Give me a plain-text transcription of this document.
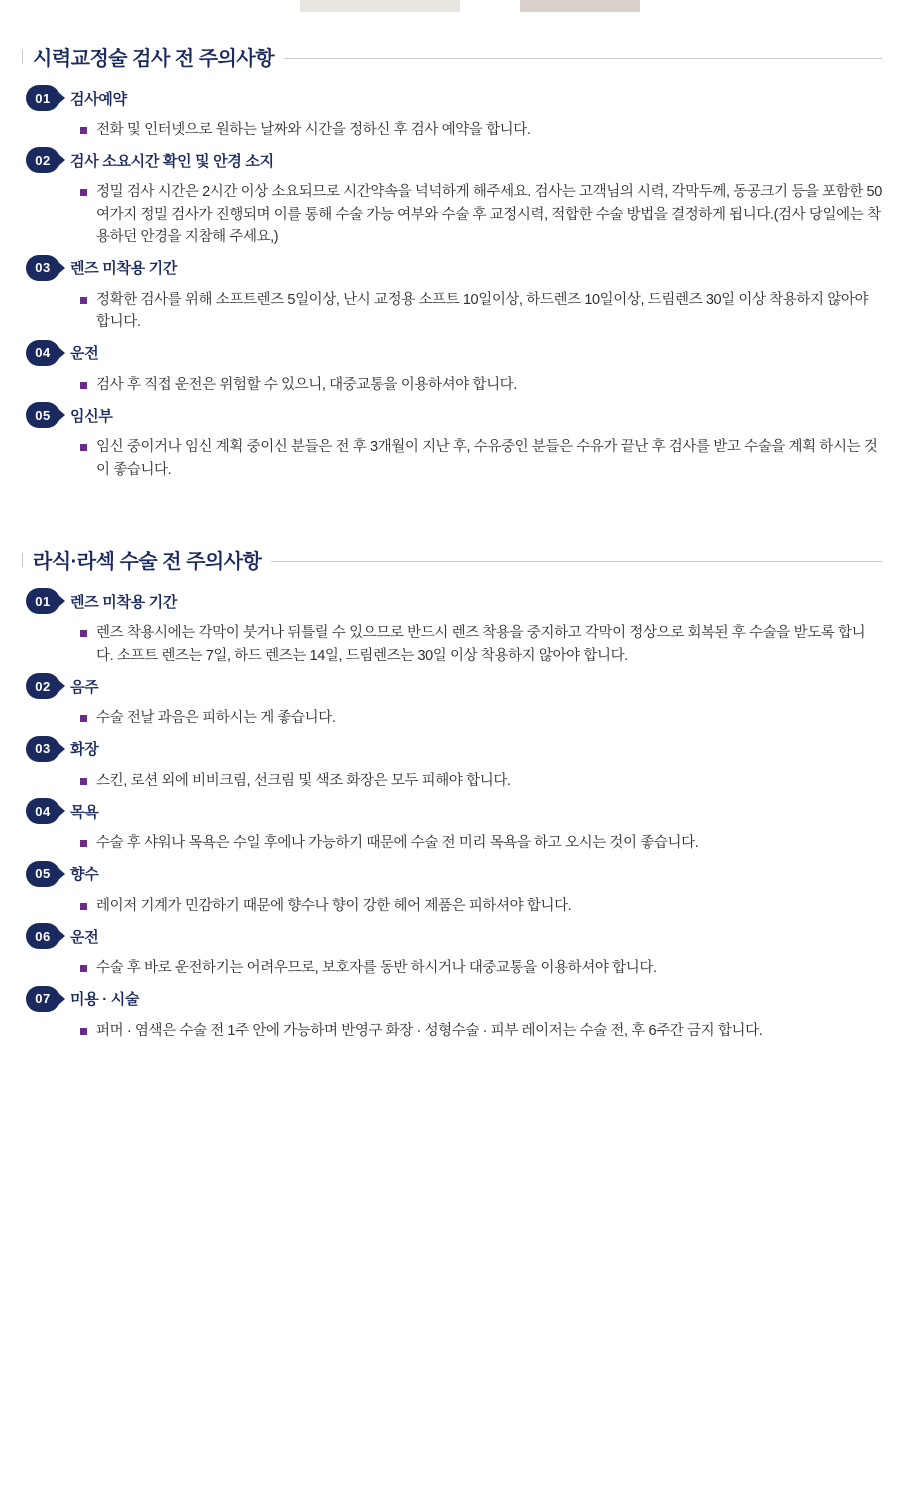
시력교정술 검사 전 주의사항
01	검사예약
전화 및 인터넷으로 원하는 날짜와 시간을 정하신 후 검사 예약을 합니다.
02	검사 소요시간 확인 및 안경 소지
정밀 검사 시간은 2시간 이상 소요되므로 시간약속을 넉넉하게 해주세요. 검사는 고객님의 시력, 각막두께, 동공크기 등을 포함한 50여가지 정밀 검사가 진행되며 이를 통해 수술 가능 여부와 수술 후 교정시력, 적합한 수술 방법을 결정하게 됩니다.(검사 당일에는 착용하던 안경을 지참해 주세요,)
03	렌즈 미착용 기간
정확한 검사를 위해 소프트렌즈 5일이상, 난시 교정용 소프트 10일이상, 하드렌즈 10일이상, 드림렌즈 30일 이상 착용하지 않아야 합니다.
04	운전
검사 후 직접 운전은 위험할 수 있으니, 대중교통을 이용하셔야 합니다.
05	임신부
임신 중이거나 임신 계획 중이신 분들은 전 후 3개월이 지난 후, 수유중인 분들은 수유가 끝난 후 검사를 받고 수술을 계획 하시는 것이 좋습니다.
라식·라섹 수술 전 주의사항
01	렌즈 미착용 기간
렌즈 착용시에는 각막이 붓거나 뒤틀릴 수 있으므로 반드시 렌즈 착용을 중지하고 각막이 정상으로 회복된 후 수술을 받도록 합니다. 소프트 렌즈는 7일, 하드 렌즈는 14일, 드림렌즈는 30일 이상 착용하지 않아야 합니다.
02	음주
수술 전날 과음은 피하시는 게 좋습니다.
03	화장
스킨, 로션 외에 비비크림, 선크림 및 색조 화장은 모두 피해야 합니다.
04	목욕
수술 후 샤워나 목욕은 수일 후에나 가능하기 때문에 수술 전 미리 목욕을 하고 오시는 것이 좋습니다.
05	향수
레이저 기계가 민감하기 때문에 향수나 향이 강한 헤어 제품은 피하셔야 합니다.
06	운전
수술 후 바로 운전하기는 어려우므로, 보호자를 동반 하시거나 대중교통을 이용하셔야 합니다.
07	미용 · 시술
퍼머 · 염색은 수술 전 1주 안에 가능하며 반영구 화장 · 성형수술 · 피부 레이저는 수술 전, 후 6주간 금지 합니다.
